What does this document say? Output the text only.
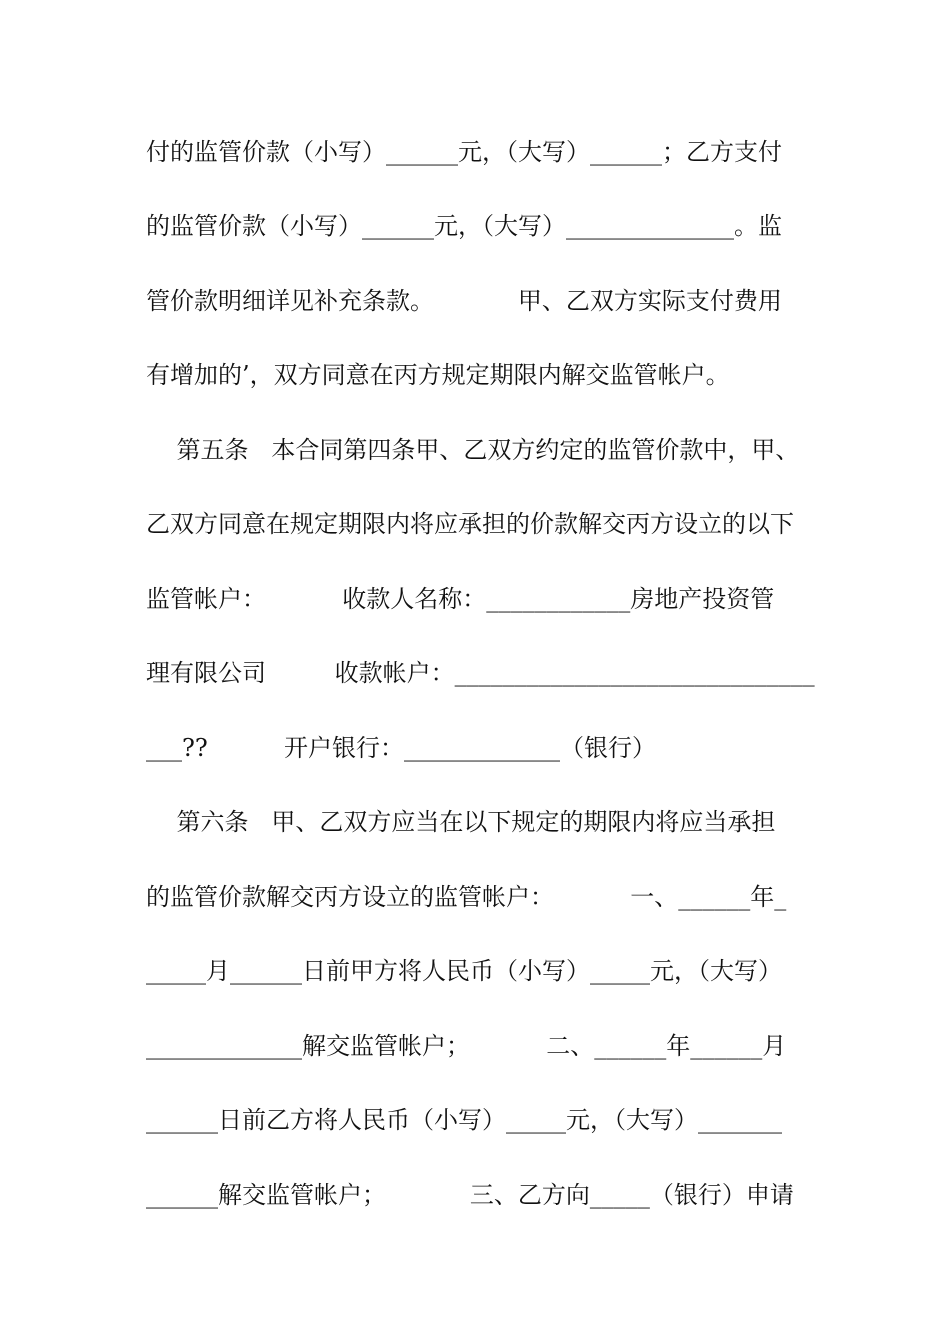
付的监管价款（小写）______元，（大写）______；乙方支付
的监管价款（小写）______元，（大写）______________。监
管价款明细详见补充条款。           甲、乙双方实际支付费用
有增加的’，双方同意在丙方规定期限内解交监管帐户。
第五条   本合同第四条甲、乙双方约定的监管价款中，甲、
乙双方同意在规定期限内将应承担的价款解交丙方设立的以下
监管帐户：          收款人名称：____________房地产投资管
理有限公司         收款帐户：______________________________
___??          开户银行：_____________（银行）
第六条   甲、乙双方应当在以下规定的期限内将应当承担
的监管价款解交丙方设立的监管帐户：          一、______年_
_____月______日前甲方将人民币（小写）_____元，（大写）
_____________解交监管帐户；          二、______年______月
______日前乙方将人民币（小写）_____元，（大写）_______
______解交监管帐户；           三、乙方向_____（银行）申请
